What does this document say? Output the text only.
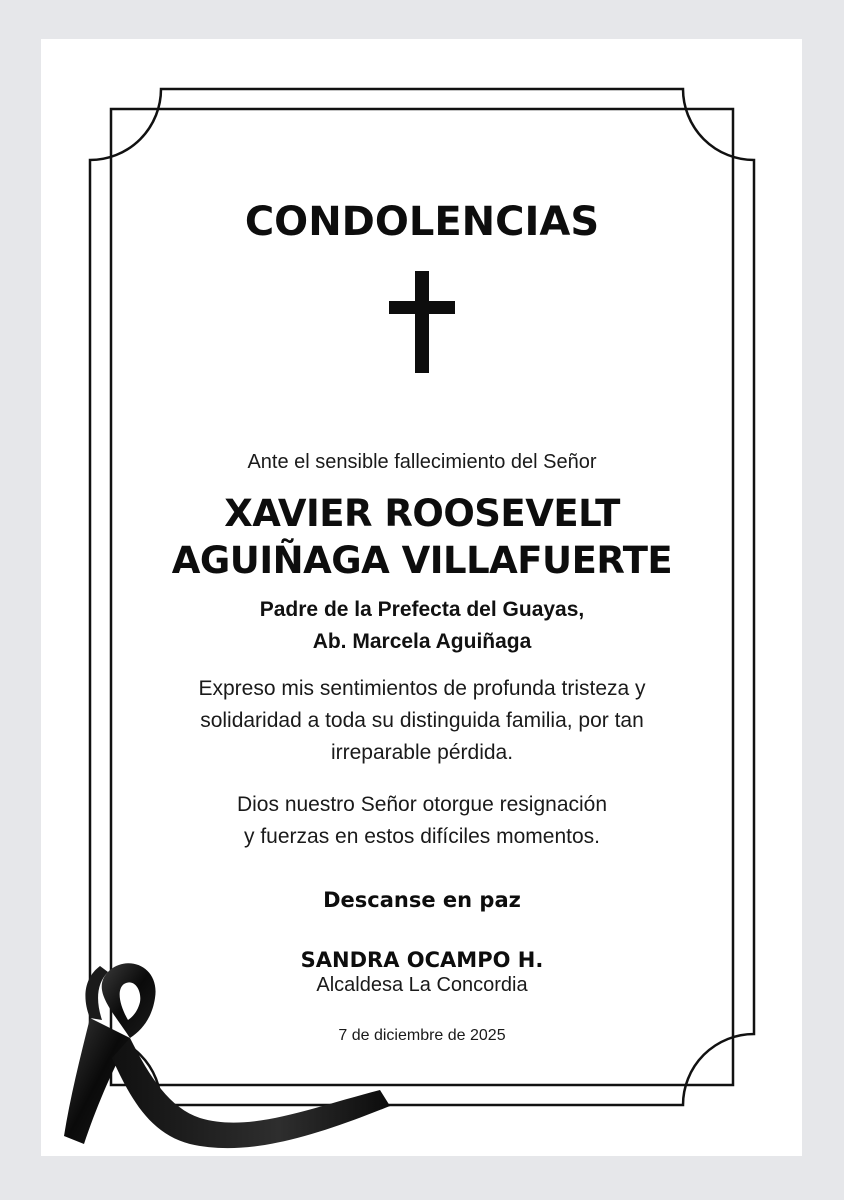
CONDOLENCIAS
Ante el sensible fallecimiento del Señor
XAVIER ROOSEVELT
AGUIÑAGA VILLAFUERTE
Padre de la Prefecta del Guayas,
Ab. Marcela Aguiñaga
Expreso mis sentimientos de profunda tristeza y
solidaridad a toda su distinguida familia, por tan
irreparable pérdida.
Dios nuestro Señor otorgue resignación
y fuerzas en estos difíciles momentos.
Descanse en paz
SANDRA OCAMPO H.
Alcaldesa La Concordia
7 de diciembre de 2025
